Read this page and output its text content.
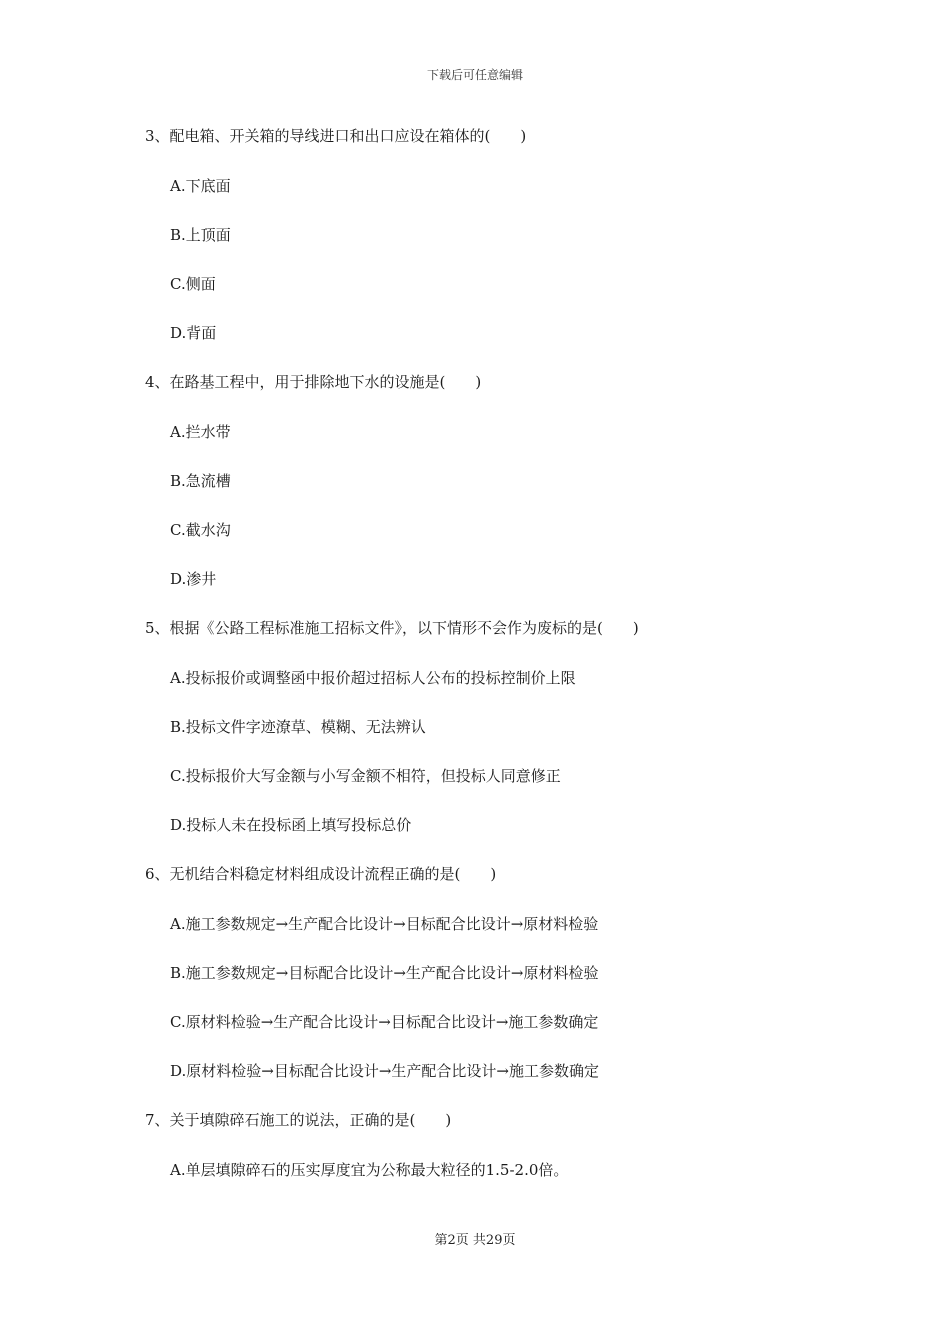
下载后可任意编辑
3、配电箱、开关箱的导线进口和出口应设在箱体的(　　)
A.下底面
B.上顶面
C.侧面
D.背面
4、在路基工程中，用于排除地下水的设施是(　　)
A.拦水带
B.急流槽
C.截水沟
D.渗井
5、根据《公路工程标准施工招标文件》，以下情形不会作为废标的是(　　)
A.投标报价或调整函中报价超过招标人公布的投标控制价上限
B.投标文件字迹潦草、模糊、无法辨认
C.投标报价大写金额与小写金额不相符，但投标人同意修正
D.投标人未在投标函上填写投标总价
6、无机结合料稳定材料组成设计流程正确的是(　　)
A.施工参数规定→生产配合比设计→目标配合比设计→原材料检验
B.施工参数规定→目标配合比设计→生产配合比设计→原材料检验
C.原材料检验→生产配合比设计→目标配合比设计→施工参数确定
D.原材料检验→目标配合比设计→生产配合比设计→施工参数确定
7、关于填隙碎石施工的说法，正确的是(　　)
A.单层填隙碎石的压实厚度宜为公称最大粒径的1.5-2.0倍。
第2页 共29页
